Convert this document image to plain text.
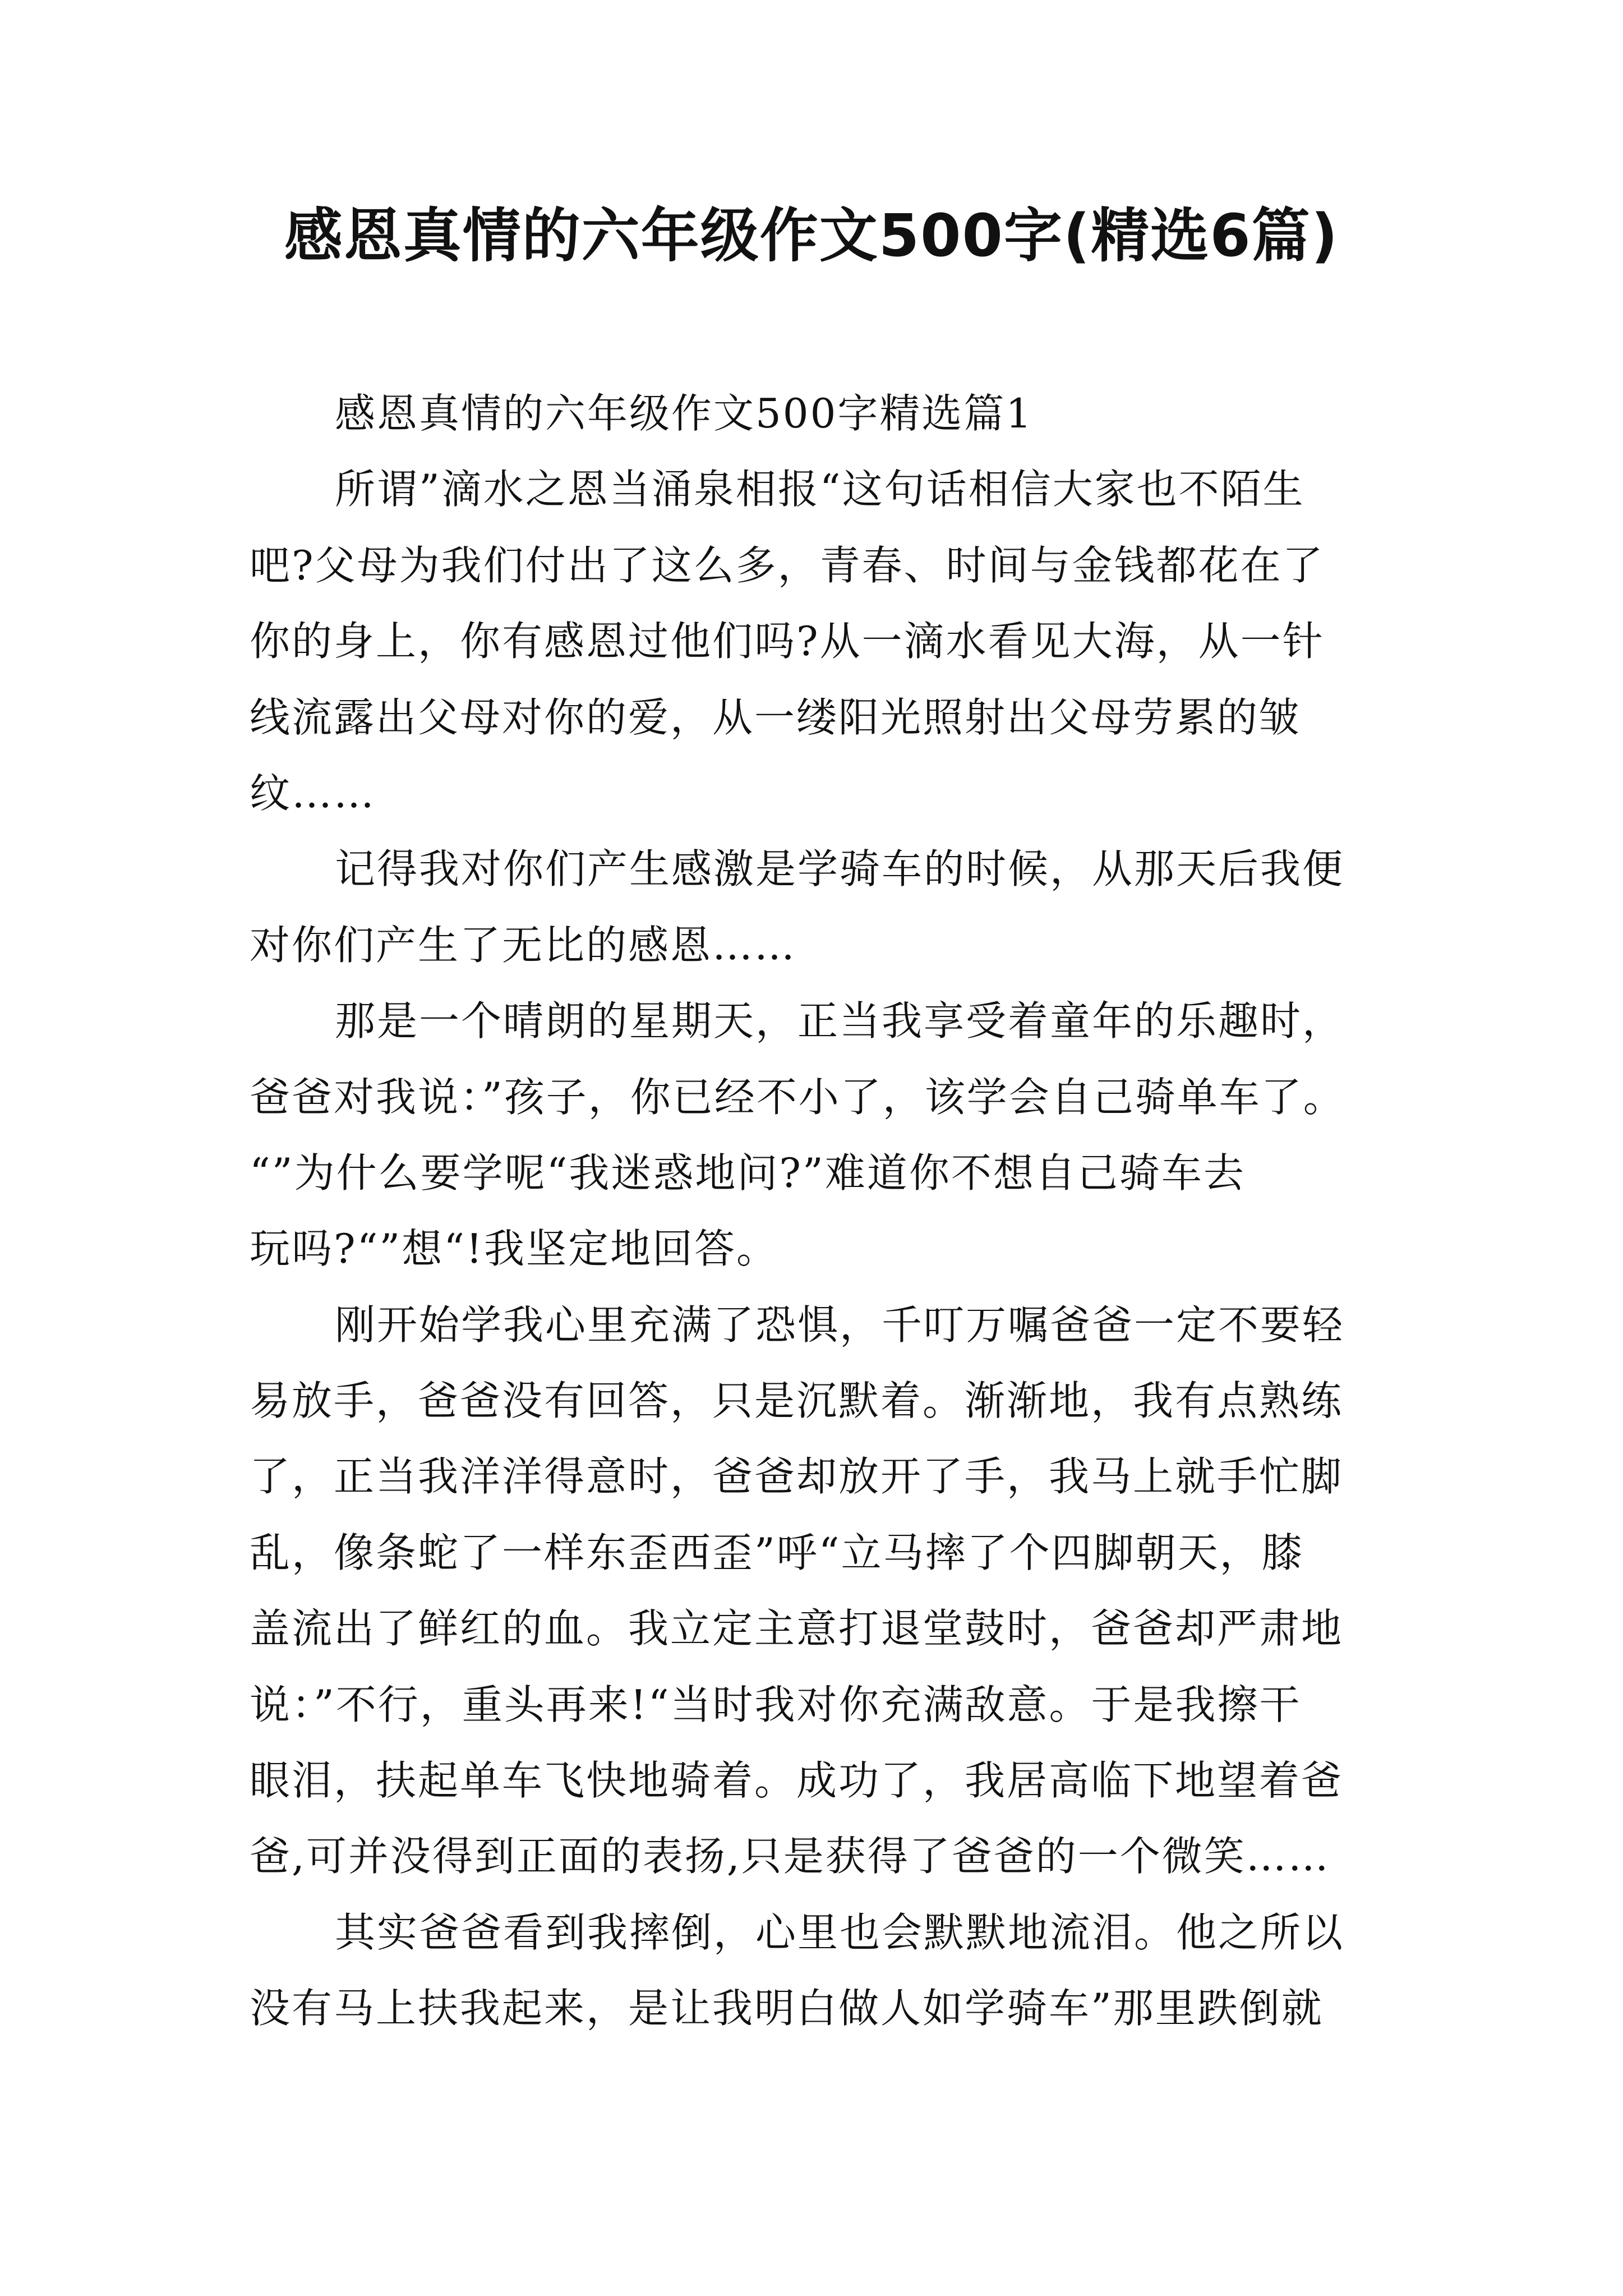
感恩真情的六年级作文500字(精选6篇)
感恩真情的六年级作文500字精选篇1
所谓”滴水之恩当涌泉相报“这句话相信大家也不陌生
吧?父母为我们付出了这么多，青春、时间与金钱都花在了
你的身上，你有感恩过他们吗?从一滴水看见大海，从一针
线流露出父母对你的爱，从一缕阳光照射出父母劳累的皱
纹……
记得我对你们产生感激是学骑车的时候，从那天后我便
对你们产生了无比的感恩……
那是一个晴朗的星期天，正当我享受着童年的乐趣时，
爸爸对我说：”孩子，你已经不小了，该学会自己骑单车了。
“”为什么要学呢“我迷惑地问?”难道你不想自己骑车去
玩吗?“”想“!我坚定地回答。
刚开始学我心里充满了恐惧，千叮万嘱爸爸一定不要轻
易放手，爸爸没有回答，只是沉默着。渐渐地，我有点熟练
了，正当我洋洋得意时，爸爸却放开了手，我马上就手忙脚
乱，像条蛇了一样东歪西歪”呼“立马摔了个四脚朝天，膝
盖流出了鲜红的血。我立定主意打退堂鼓时，爸爸却严肃地
说：”不行，重头再来!“当时我对你充满敌意。于是我擦干
眼泪，扶起单车飞快地骑着。成功了，我居高临下地望着爸
爸,可并没得到正面的表扬,只是获得了爸爸的一个微笑……
其实爸爸看到我摔倒，心里也会默默地流泪。他之所以
没有马上扶我起来，是让我明白做人如学骑车”那里跌倒就
